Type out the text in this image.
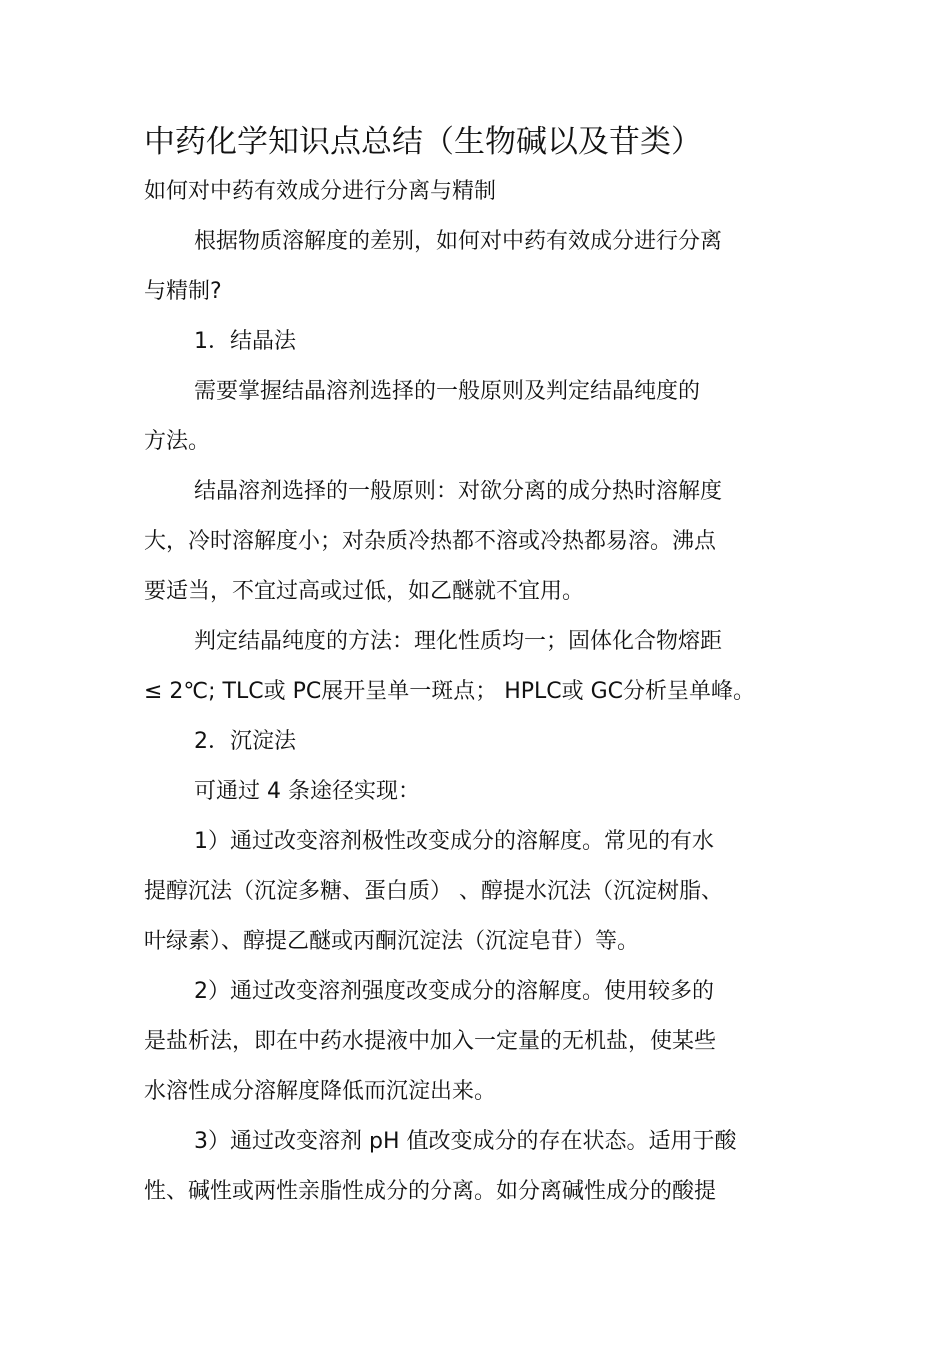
中药化学知识点总结（生物碱以及苷类）
如何对中药有效成分进行分离与精制
根据物质溶解度的差别，如何对中药有效成分进行分离
与精制?
1．结晶法
需要掌握结晶溶剂选择的一般原则及判定结晶纯度的
方法。
结晶溶剂选择的一般原则：对欲分离的成分热时溶解度
大，冷时溶解度小；对杂质冷热都不溶或冷热都易溶。沸点
要适当，不宜过高或过低，如乙醚就不宜用。
判定结晶纯度的方法：理化性质均一；固体化合物熔距
≤ 2℃; TLC或 PC展开呈单一斑点； HPLC或 GC分析呈单峰。
2．沉淀法
可通过 4 条途径实现：
1）通过改变溶剂极性改变成分的溶解度。常见的有水
提醇沉法（沉淀多糖、蛋白质） 、醇提水沉法（沉淀树脂、
叶绿素）、醇提乙醚或丙酮沉淀法（沉淀皂苷）等。
2）通过改变溶剂强度改变成分的溶解度。使用较多的
是盐析法，即在中药水提液中加入一定量的无机盐，使某些
水溶性成分溶解度降低而沉淀出来。
3）通过改变溶剂 pH 值改变成分的存在状态。适用于酸
性、碱性或两性亲脂性成分的分离。如分离碱性成分的酸提
